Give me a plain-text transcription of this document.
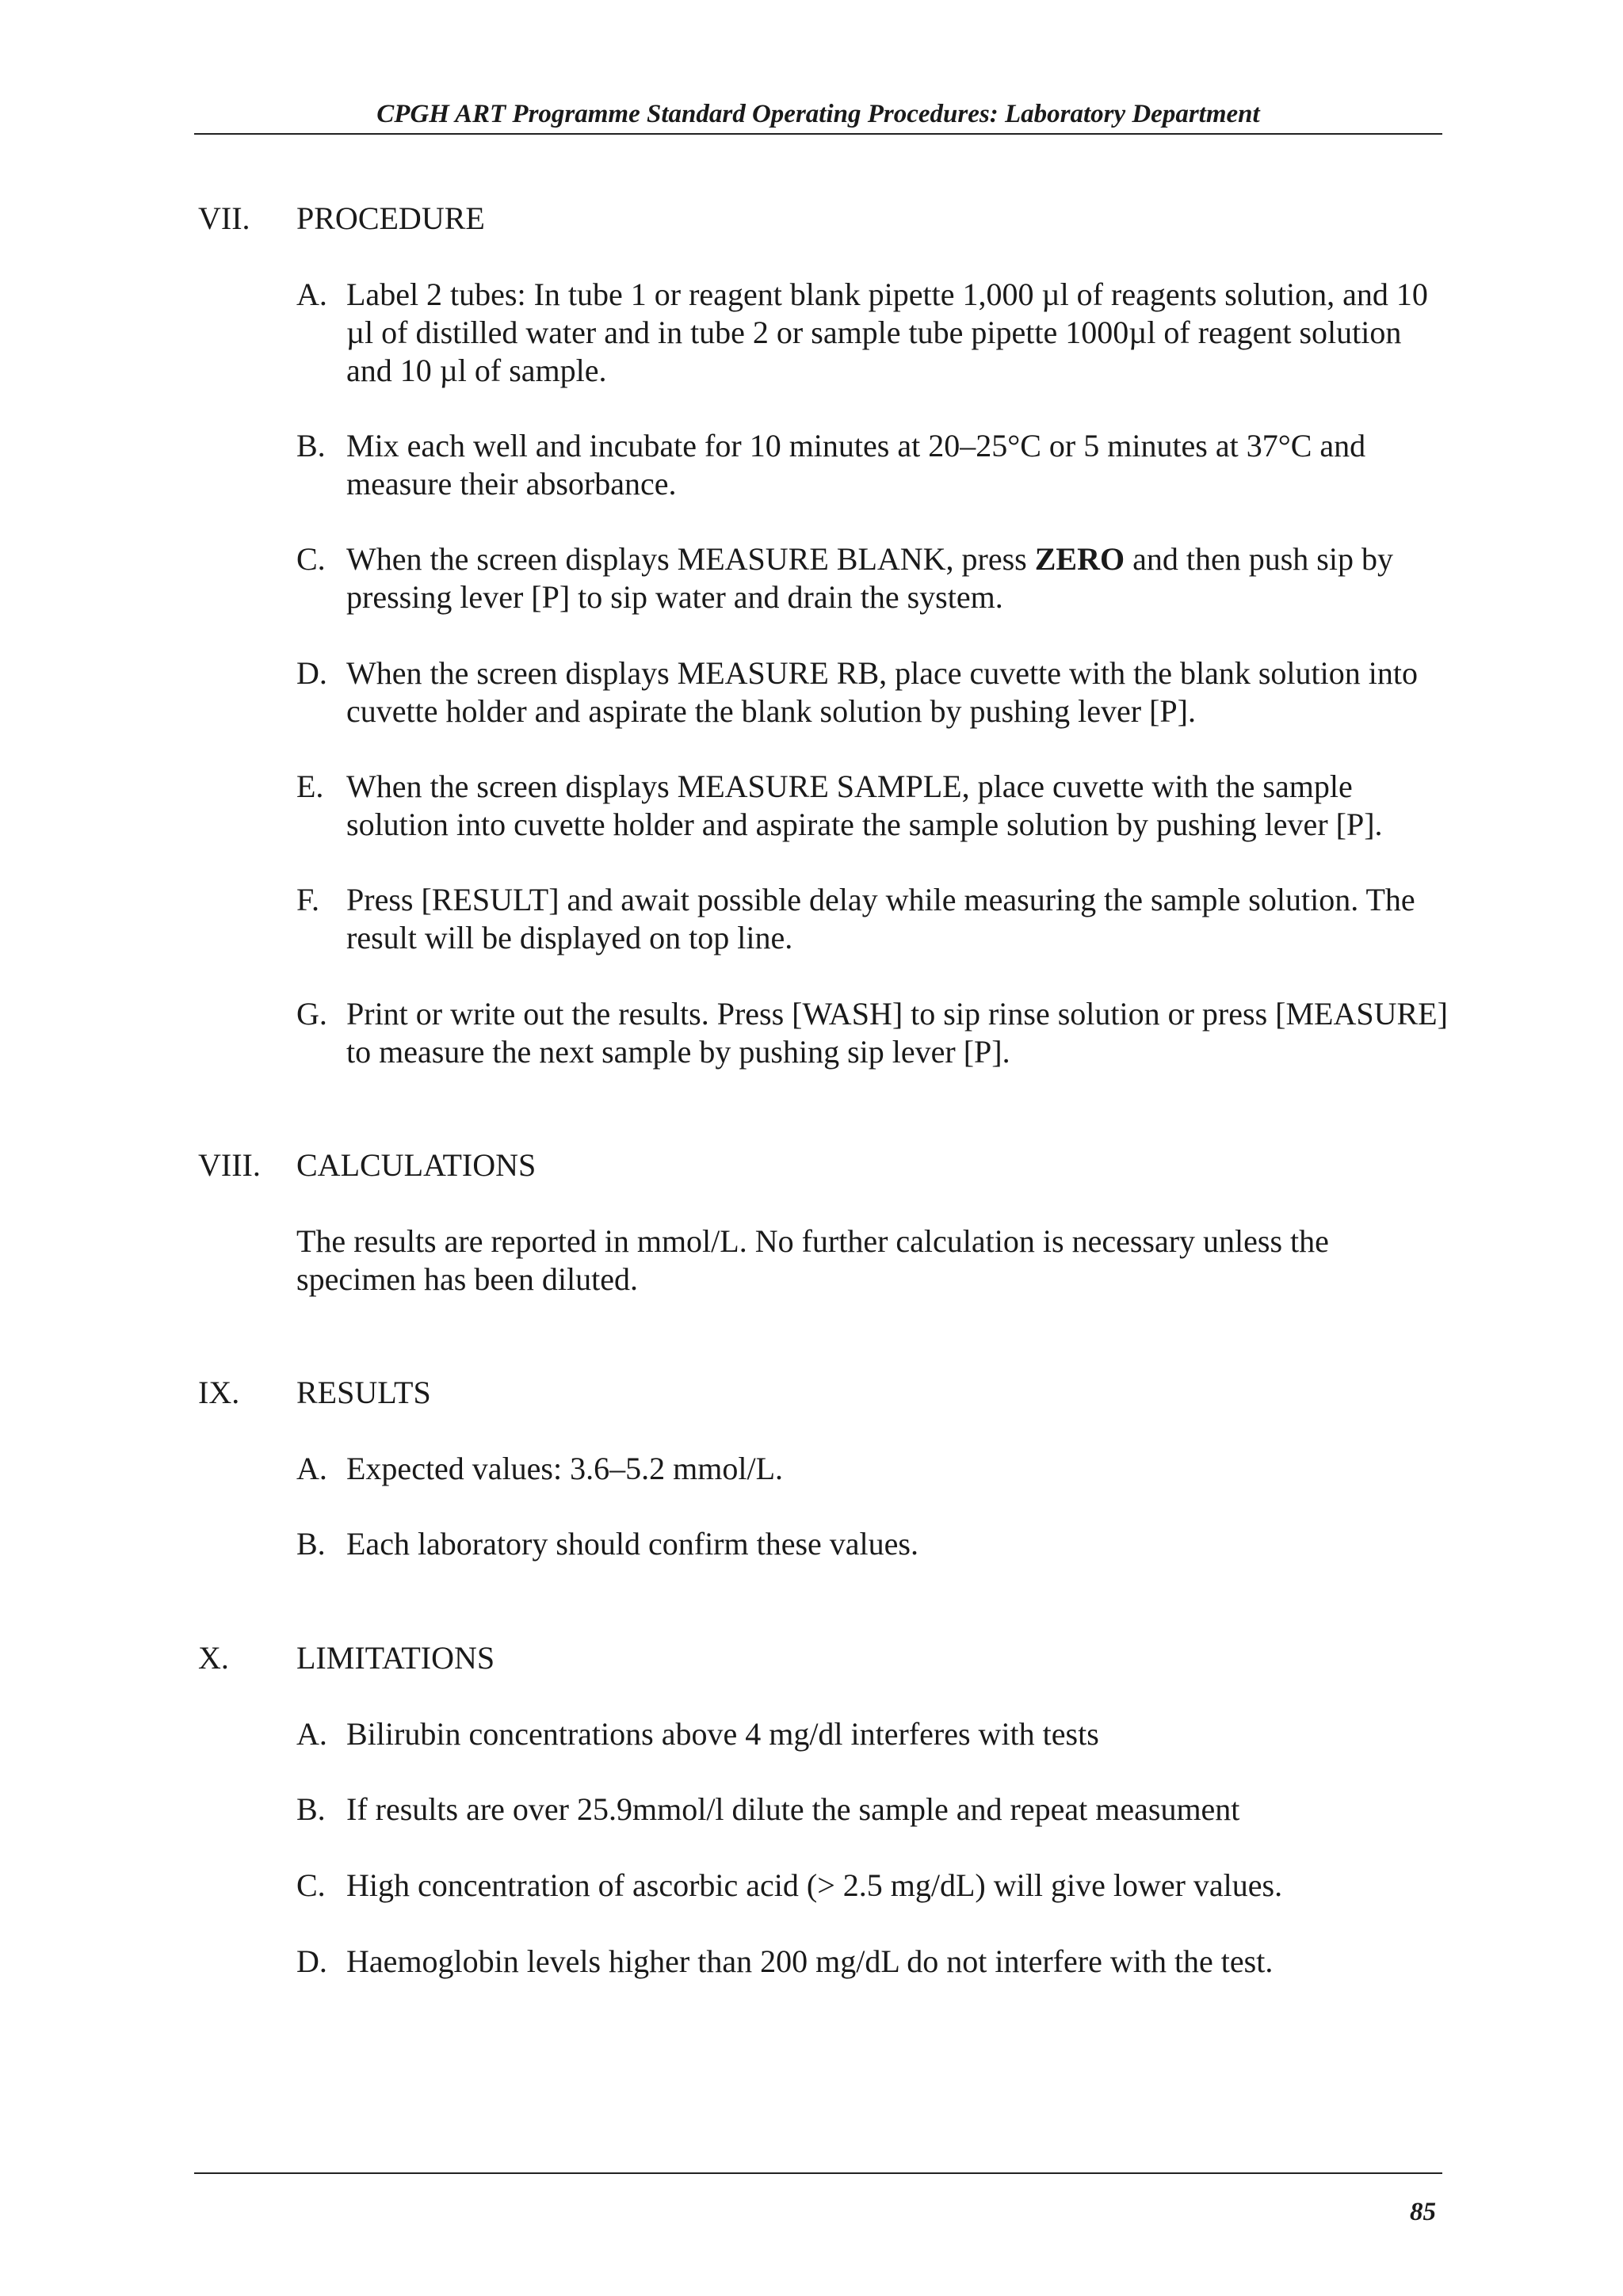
CPGH ART Programme Standard Operating Procedures: Laboratory Department
VII. PROCEDURE
A. Label 2 tubes: In tube 1 or reagent blank pipette 1,000 µl of reagents solution, and 10 µl of distilled water and in tube 2 or sample tube pipette 1000µl of reagent solution and 10 µl of sample.
B. Mix each well and incubate for 10 minutes at 20–25°C or 5 minutes at 37°C and measure their absorbance.
C. When the screen displays MEASURE BLANK, press ZERO and then push sip by pressing lever [P] to sip water and drain the system.
D. When the screen displays MEASURE RB, place cuvette with the blank solution into cuvette holder and aspirate the blank solution by pushing lever [P].
E. When the screen displays MEASURE SAMPLE, place cuvette with the sample solution into cuvette holder and aspirate the sample solution by pushing lever [P].
F. Press [RESULT] and await possible delay while measuring the sample solution. The result will be displayed on top line.
G. Print or write out the results. Press [WASH] to sip rinse solution or press [MEASURE] to measure the next sample by pushing sip lever [P].
VIII. CALCULATIONS
The results are reported in mmol/L. No further calculation is necessary unless the specimen has been diluted.
IX. RESULTS
A. Expected values: 3.6–5.2 mmol/L.
B. Each laboratory should confirm these values.
X. LIMITATIONS
A. Bilirubin concentrations above 4 mg/dl interferes with tests
B. If results are over 25.9mmol/l dilute the sample and repeat measument
C. High concentration of ascorbic acid (> 2.5 mg/dL) will give lower values.
D. Haemoglobin levels higher than 200 mg/dL do not interfere with the test.
85
